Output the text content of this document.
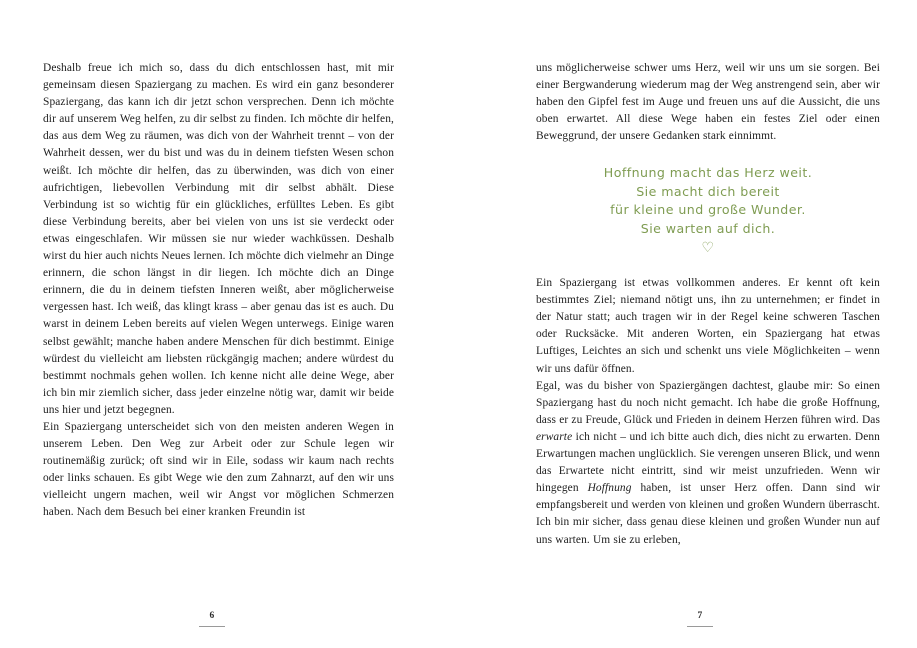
Deshalb freue ich mich so, dass du dich entschlossen hast, mit mir gemeinsam diesen Spaziergang zu machen. Es wird ein ganz besonderer Spaziergang, das kann ich dir jetzt schon versprechen. Denn ich möchte dir auf unserem Weg helfen, zu dir selbst zu finden. Ich möchte dir helfen, das aus dem Weg zu räumen, was dich von der Wahrheit trennt – von der Wahrheit dessen, wer du bist und was du in deinem tiefsten Wesen schon weißt. Ich möchte dir helfen, das zu überwinden, was dich von einer aufrichtigen, liebevollen Verbindung mit dir selbst abhält. Diese Verbindung ist so wichtig für ein glückliches, erfülltes Leben. Es gibt diese Verbindung bereits, aber bei vielen von uns ist sie verdeckt oder etwas eingeschlafen. Wir müssen sie nur wieder wachküssen. Deshalb wirst du hier auch nichts Neues lernen. Ich möchte dich vielmehr an Dinge erinnern, die schon längst in dir liegen. Ich möchte dich an Dinge erinnern, die du in deinem tiefsten Inneren weißt, aber möglicherweise vergessen hast. Ich weiß, das klingt krass – aber genau das ist es auch. Du warst in deinem Leben bereits auf vielen Wegen unterwegs. Einige waren selbst gewählt; manche haben andere Menschen für dich bestimmt. Einige würdest du vielleicht am liebsten rückgängig machen; andere würdest du bestimmt nochmals gehen wollen. Ich kenne nicht alle deine Wege, aber ich bin mir ziemlich sicher, dass jeder einzelne nötig war, damit wir beide uns hier und jetzt begegnen.

Ein Spaziergang unterscheidet sich von den meisten anderen Wegen in unserem Leben. Den Weg zur Arbeit oder zur Schule legen wir routinemäßig zurück; oft sind wir in Eile, sodass wir kaum nach rechts oder links schauen. Es gibt Wege wie den zum Zahnarzt, auf den wir uns vielleicht ungern machen, weil wir Angst vor möglichen Schmerzen haben. Nach dem Besuch bei einer kranken Freundin ist

6

uns möglicherweise schwer ums Herz, weil wir uns um sie sorgen. Bei einer Bergwanderung wiederum mag der Weg anstrengend sein, aber wir haben den Gipfel fest im Auge und freuen uns auf die Aussicht, die uns oben erwartet. All diese Wege haben ein festes Ziel oder einen Beweggrund, der unsere Gedanken stark einnimmt.

Hoffnung macht das Herz weit.
Sie macht dich bereit
für kleine und große Wunder.
Sie warten auf dich.
♡

Ein Spaziergang ist etwas vollkommen anderes. Er kennt oft kein bestimmtes Ziel; niemand nötigt uns, ihn zu unternehmen; er findet in der Natur statt; auch tragen wir in der Regel keine schweren Taschen oder Rucksäcke. Mit anderen Worten, ein Spaziergang hat etwas Luftiges, Leichtes an sich und schenkt uns viele Möglichkeiten – wenn wir uns dafür öffnen.

Egal, was du bisher von Spaziergängen dachtest, glaube mir: So einen Spaziergang hast du noch nicht gemacht. Ich habe die große Hoffnung, dass er zu Freude, Glück und Frieden in deinem Herzen führen wird. Das erwarte ich nicht – und ich bitte auch dich, dies nicht zu erwarten. Denn Erwartungen machen unglücklich. Sie verengen unseren Blick, und wenn das Erwartete nicht eintritt, sind wir meist unzufrieden. Wenn wir hingegen Hoffnung haben, ist unser Herz offen. Dann sind wir empfangsbereit und werden von kleinen und großen Wundern überrascht. Ich bin mir sicher, dass genau diese kleinen und großen Wunder nun auf uns warten. Um sie zu erleben,

7
